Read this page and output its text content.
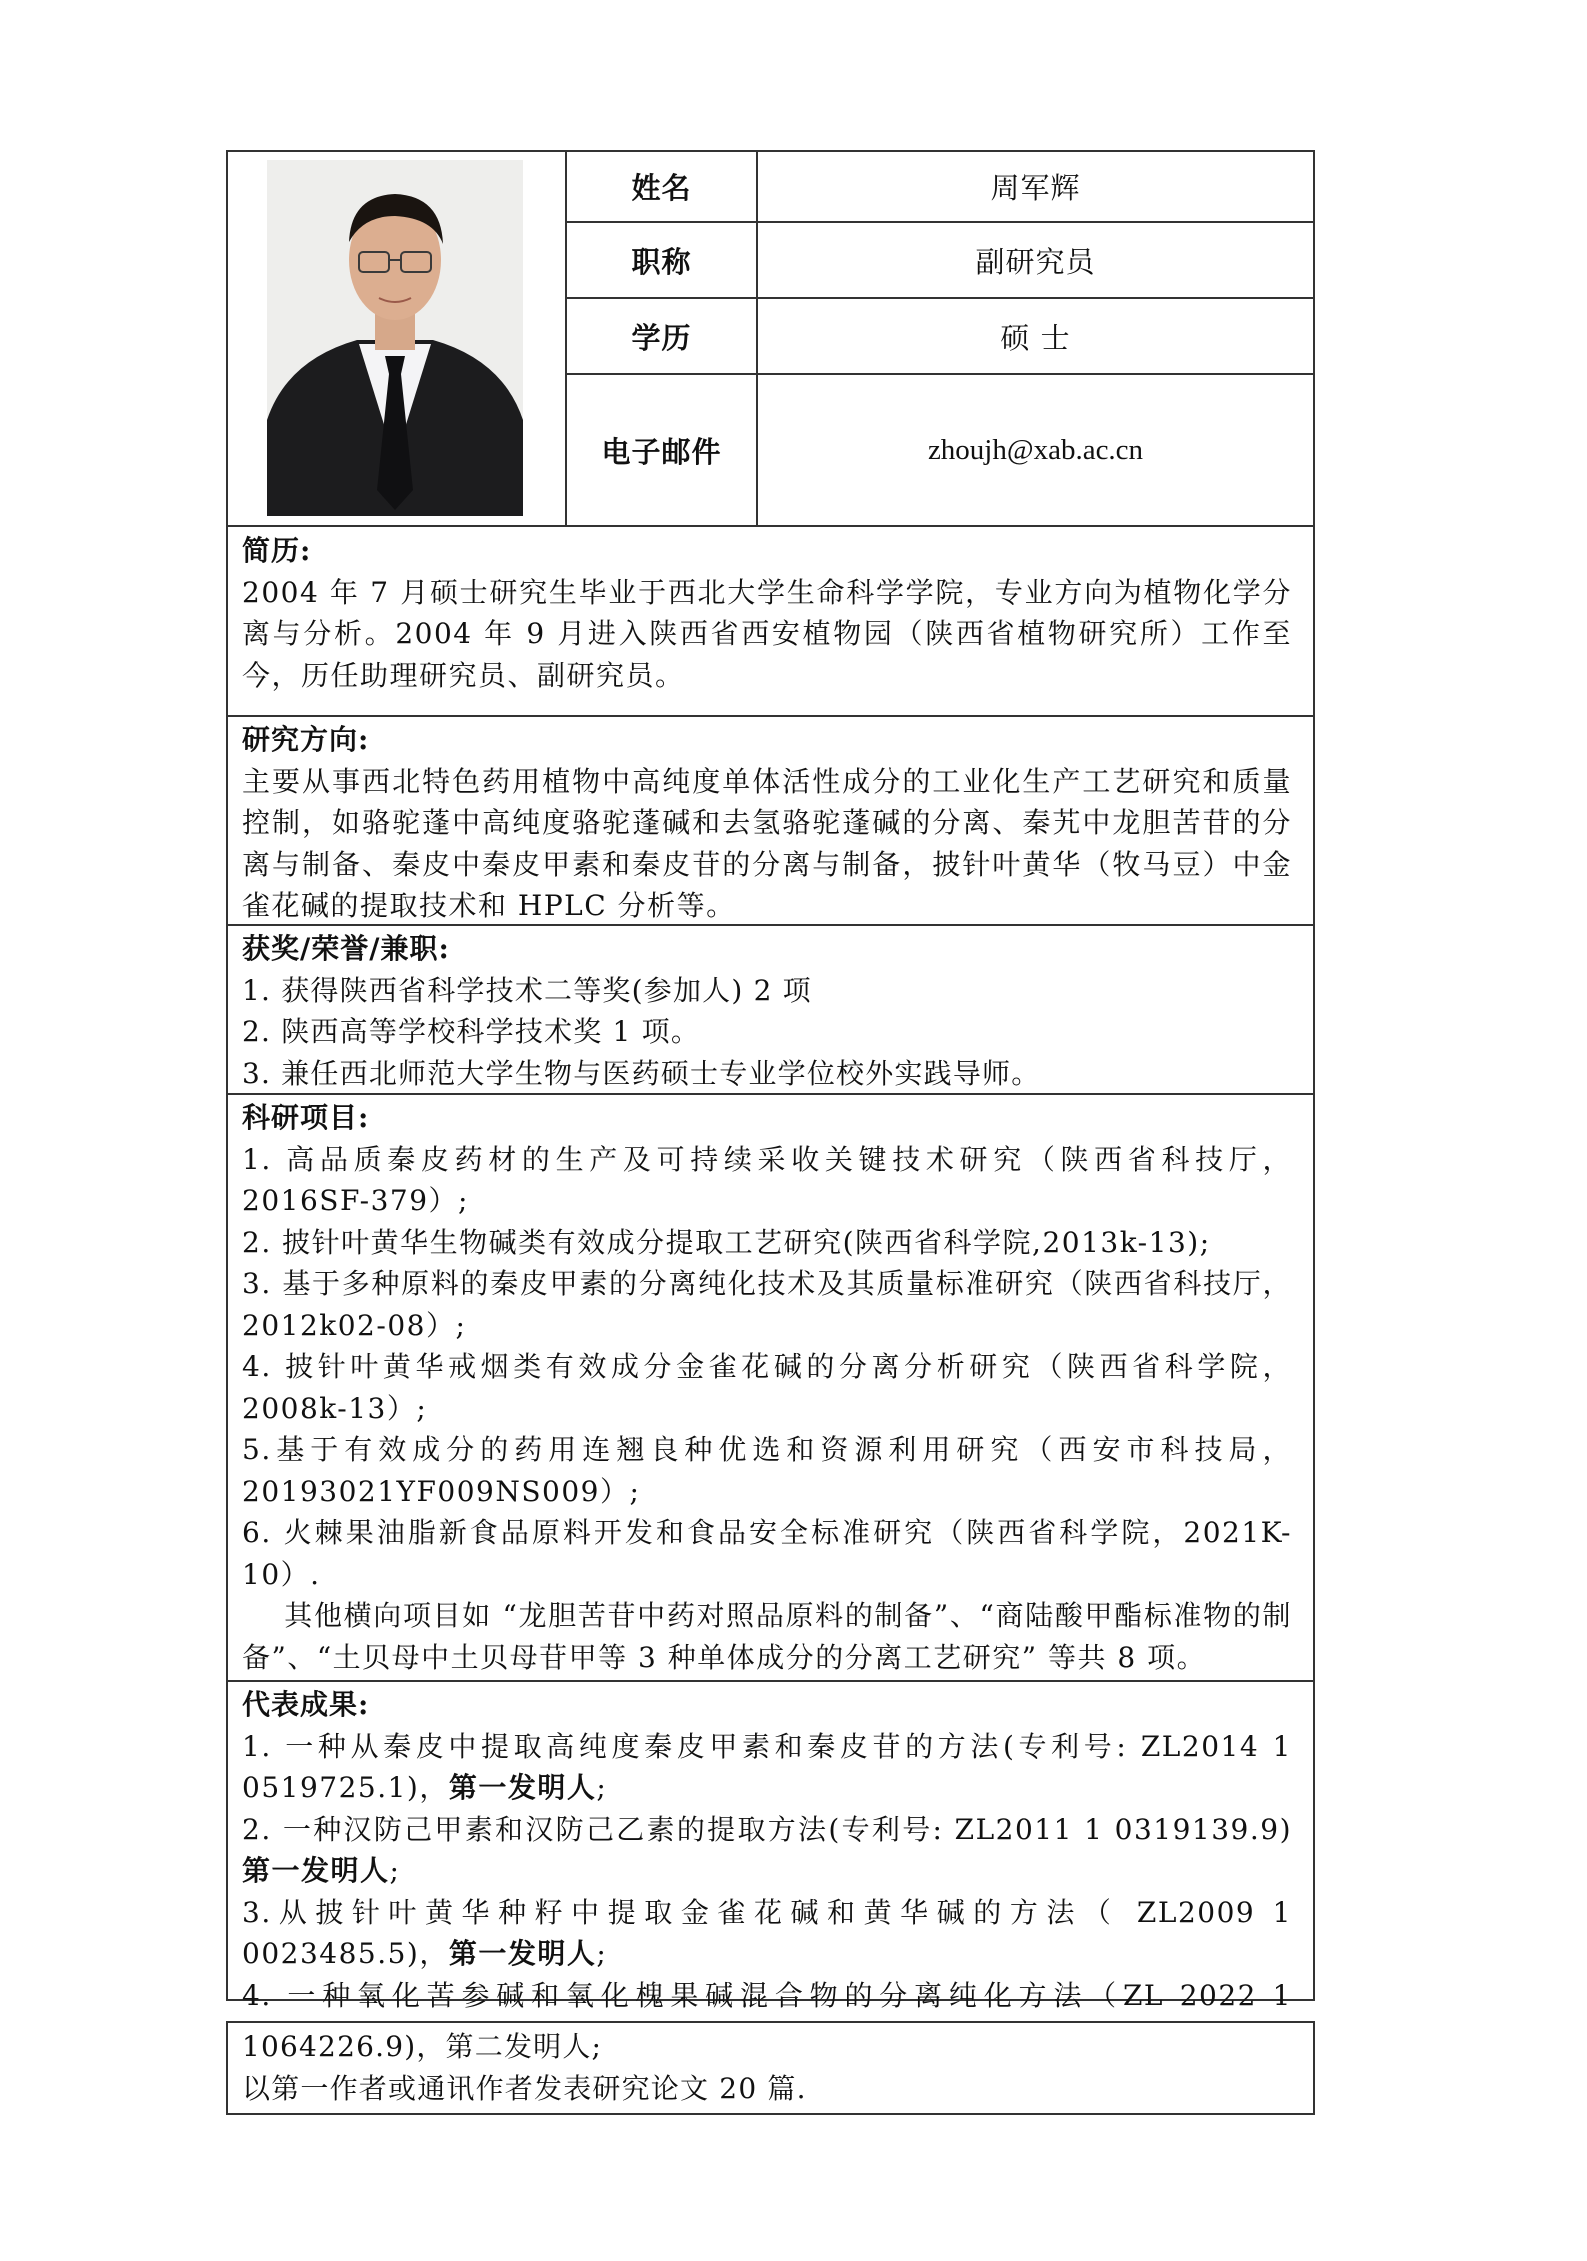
姓名	周军辉
职称	副研究员
学历	硕 士
电子邮件	zhoujh@xab.ac.cn
简历:

2004 年 7 月硕士研究生毕业于西北大学生命科学学院，专业方向为植物化学分离与分析。2004 年 9 月进入陕西省西安植物园（陕西省植物研究所）工作至今，历任助理研究员、副研究员。

研究方向:

主要从事西北特色药用植物中高纯度单体活性成分的工业化生产工艺研究和质量控制，如骆驼蓬中高纯度骆驼蓬碱和去氢骆驼蓬碱的分离、秦艽中龙胆苦苷的分离与制备、秦皮中秦皮甲素和秦皮苷的分离与制备，披针叶黄华（牧马豆）中金雀花碱的提取技术和 HPLC 分析等。

获奖/荣誉/兼职:
1. 获得陕西省科学技术二等奖(参加人) 2 项
2. 陕西高等学校科学技术奖 1 项。
3. 兼任西北师范大学生物与医药硕士专业学位校外实践导师。
科研项目:

1. 高品质秦皮药材的生产及可持续采收关键技术研究（陕西省科技厅，2016SF-379）;

2. 披针叶黄华生物碱类有效成分提取工艺研究(陕西省科学院,2013k-13);

3. 基于多种原料的秦皮甲素的分离纯化技术及其质量标准研究（陕西省科技厅，2012k02-08）;

4. 披针叶黄华戒烟类有效成分金雀花碱的分离分析研究（陕西省科学院，2008k-13）;

5.基于有效成分的药用连翘良种优选和资源利用研究（西安市科技局，20193021YF009NS009）;

6. 火棘果油脂新食品原料开发和食品安全标准研究（陕西省科学院，2021K-10）.

其他横向项目如 “龙胆苦苷中药对照品原料的制备”、“商陆酸甲酯标准物的制备”、“土贝母中土贝母苷甲等 3 种单体成分的分离工艺研究” 等共 8 项。

代表成果:

1. 一种从秦皮中提取高纯度秦皮甲素和秦皮苷的方法(专利号: ZL2014 1 0519725.1)，第一发明人;

2. 一种汉防己甲素和汉防己乙素的提取方法(专利号: ZL2011 1 0319139.9) 第一发明人;

3.从披针叶黄华种籽中提取金雀花碱和黄华碱的方法（ ZL2009 1 0023485.5)，第一发明人;

4. 一种氧化苦参碱和氧化槐果碱混合物的分离纯化方法（ZL 2022 1

1064226.9)，第二发明人;
以第一作者或通讯作者发表研究论文 20 篇.
